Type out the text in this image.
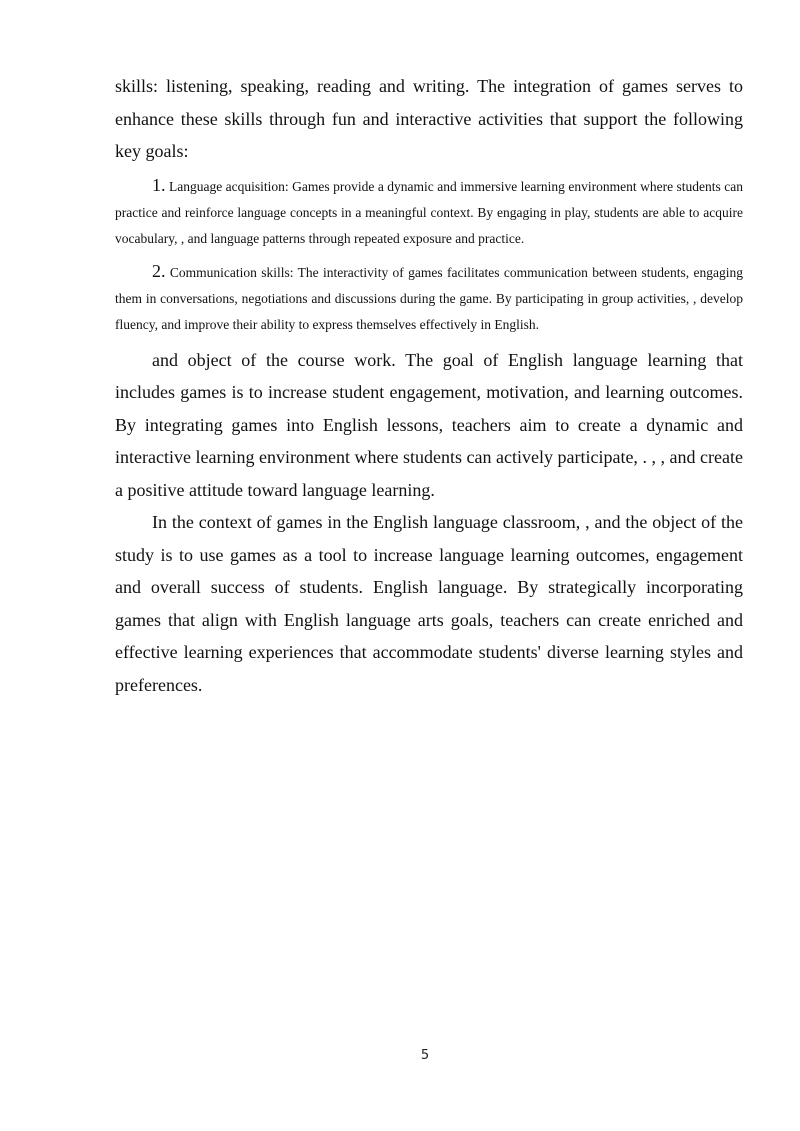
skills: listening, speaking, reading and writing. The integration of games serves to enhance these skills through fun and interactive activities that support the following key goals:

1. Language acquisition: Games provide a dynamic and immersive learning environment where students can practice and reinforce language concepts in a meaningful context. By engaging in play, students are able to acquire vocabulary, , and language patterns through repeated exposure and practice.

2. Communication skills: The interactivity of games facilitates communication between students, engaging them in conversations, negotiations and discussions during the game. By participating in group activities, , develop fluency, and improve their ability to express themselves effectively in English.

and object of the course work. The goal of English language learning that includes games is to increase student engagement, motivation, and learning outcomes. By integrating games into English lessons, teachers aim to create a dynamic and interactive learning environment where students can actively participate, . , , and create a positive attitude toward language learning.

In the context of games in the English language classroom, , and the object of the study is to use games as a tool to increase language learning outcomes, engagement and overall success of students. English language. By strategically incorporating games that align with English language arts goals, teachers can create enriched and effective learning experiences that accommodate students' diverse learning styles and preferences.

5
